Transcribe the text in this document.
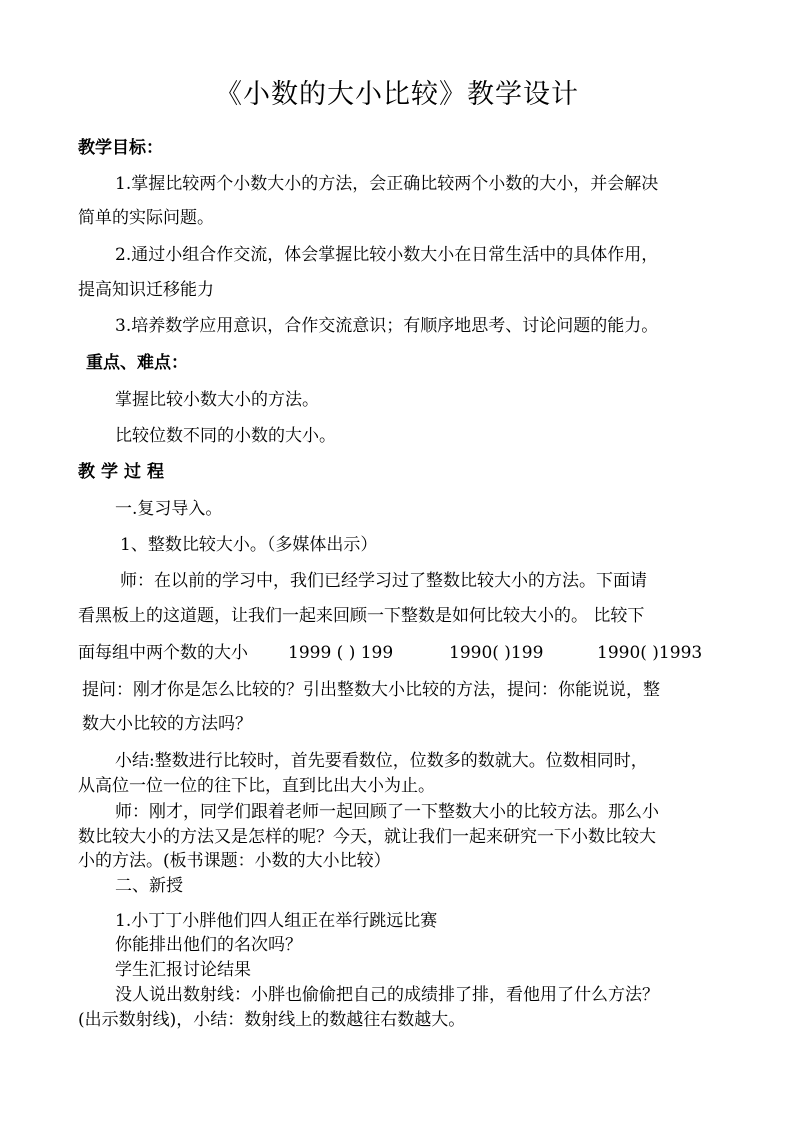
《小数的大小比较》教学设计
教学目标：
1.掌握比较两个小数大小的方法，会正确比较两个小数的大小，并会解决
简单的实际问题。
2.通过小组合作交流，体会掌握比较小数大小在日常生活中的具体作用，
提高知识迁移能力
3.培养数学应用意识，合作交流意识；有顺序地思考、讨论问题的能力。
重点、难点：
掌握比较小数大小的方法。
比较位数不同的小数的大小。
教学过程
一.复习导入。
1、整数比较大小。（多媒体出示）
师：在以前的学习中，我们已经学习过了整数比较大小的方法。下面请
看黑板上的这道题，让我们一起来回顾一下整数是如何比较大小的。 比较下
面每组中两个数的大小 1999 ( ) 199	1990( )199	1990( )1993
提问：刚才你是怎么比较的？引出整数大小比较的方法，提问：你能说说，整
数大小比较的方法吗？
小结:整数进行比较时，首先要看数位，位数多的数就大。位数相同时，
从高位一位一位的往下比，直到比出大小为止。
师：刚才，同学们跟着老师一起回顾了一下整数大小的比较方法。那么小
数比较大小的方法又是怎样的呢？今天，就让我们一起来研究一下小数比较大
小的方法。(板书课题：小数的大小比较）
二、新授
1.小丁丁小胖他们四人组正在举行跳远比赛
你能排出他们的名次吗？
学生汇报讨论结果
没人说出数射线：小胖也偷偷把自己的成绩排了排，看他用了什么方法？
(出示数射线)，小结：数射线上的数越往右数越大。
